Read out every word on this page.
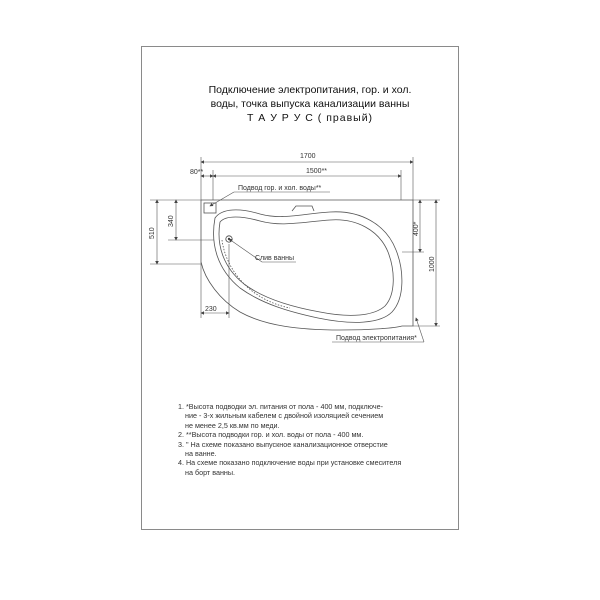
Подключение электропитания, гор. и хол.
воды, точка выпуска канализации ванны
Т А У Р У С ( правый)
Слив ванны
1700
80**	1500**
Подвод гор. и хол. воды**
510
340
400*
1000
230
Подвод электропитания*
1. *Высота подводки эл. питания от пола - 400 мм, подключе-
ние - 3-х жильным кабелем с двойной изоляцией сечением
не менее 2,5 кв.мм по меди.
2. **Высота подводки гор. и хол. воды от пола - 400 мм.
3. " На схеме показано выпускное канализационное отверстие
на ванне.
4. На схеме показано подключение воды при установке смесителя
на борт ванны.
